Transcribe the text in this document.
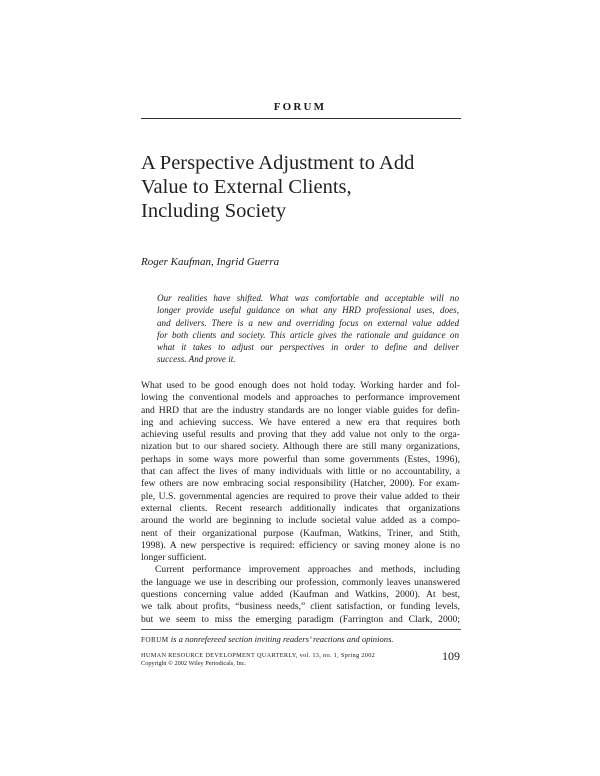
FORUM
A Perspective Adjustment to Add
Value to External Clients,
Including Society

Roger Kaufman, Ingrid Guerra

Our realities have shifted. What was comfortable and acceptable will no
longer provide useful guidance on what any HRD professional uses, does,
and delivers. There is a new and overriding focus on external value added
for both clients and society. This article gives the rationale and guidance on
what it takes to adjust our perspectives in order to define and deliver
success. And prove it.
What used to be good enough does not hold today. Working harder and fol-
lowing the conventional models and approaches to performance improvement
and HRD that are the industry standards are no longer viable guides for defin-
ing and achieving success. We have entered a new era that requires both
achieving useful results and proving that they add value not only to the orga-
nization but to our shared society. Although there are still many organizations,
perhaps in some ways more powerful than some governments (Estes, 1996),
that can affect the lives of many individuals with little or no accountability, a
few others are now embracing social responsibility (Hatcher, 2000). For exam-
ple, U.S. governmental agencies are required to prove their value added to their
external clients. Recent research additionally indicates that organizations
around the world are beginning to include societal value added as a compo-
nent of their organizational purpose (Kaufman, Watkins, Triner, and Stith,
1998). A new perspective is required: efficiency or saving money alone is no
longer sufficient.
Current performance improvement approaches and methods, including
the language we use in describing our profession, commonly leaves unanswered
questions concerning value added (Kaufman and Watkins, 2000). At best,
we talk about profits, “business needs,” client satisfaction, or funding levels,
but we seem to miss the emerging paradigm (Farrington and Clark, 2000;

FORUM is a nonrefereed section inviting readers’ reactions and opinions.

HUMAN RESOURCE DEVELOPMENT QUARTERLY, vol. 13, no. 1, Spring 2002

Copyright © 2002 Wiley Periodicals, Inc.

109
